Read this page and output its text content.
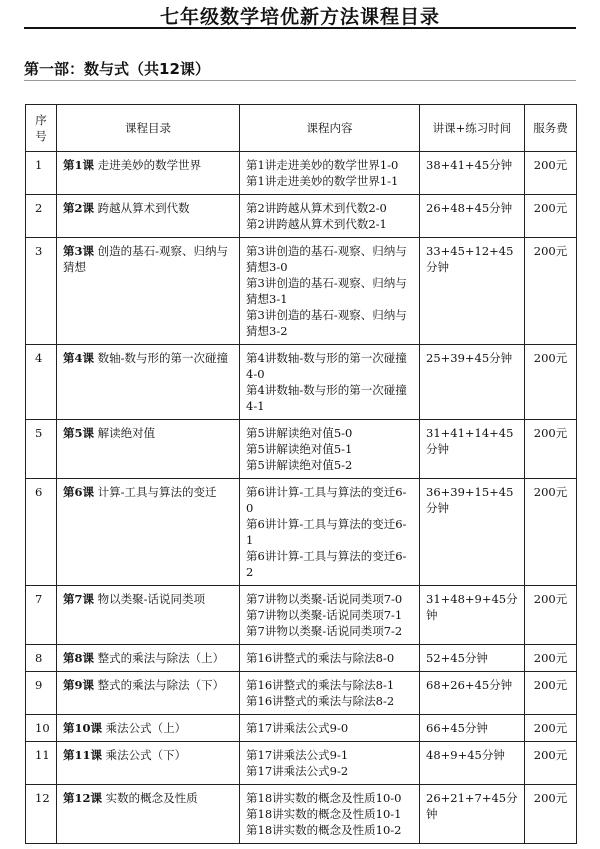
七年级数学培优新方法课程目录
第一部：数与式（共12课）
序号	课程目录	课程内容	讲课+练习时间	服务费
1	第1课 走进美妙的数学世界	第1讲走进美妙的数学世界1-0
第1讲走进美妙的数学世界1-1	38+41+45分钟	200元
2	第2课 跨越从算术到代数	第2讲跨越从算术到代数2-0
第2讲跨越从算术到代数2-1	26+48+45分钟	200元
3	第3课 创造的基石-观察、归纳与猜想	第3讲创造的基石-观察、归纳与猜想3-0
第3讲创造的基石-观察、归纳与猜想3-1
第3讲创造的基石-观察、归纳与猜想3-2	33+45+12+45分钟	200元
4	第4课 数轴-数与形的第一次碰撞	第4讲数轴-数与形的第一次碰撞4-0
第4讲数轴-数与形的第一次碰撞4-1	25+39+45分钟	200元
5	第5课 解读绝对值	第5讲解读绝对值5-0
第5讲解读绝对值5-1
第5讲解读绝对值5-2	31+41+14+45分钟	200元
6	第6课 计算-工具与算法的变迁	第6讲计算-工具与算法的变迁6-0
第6讲计算-工具与算法的变迁6-1
第6讲计算-工具与算法的变迁6-2	36+39+15+45分钟	200元
7	第7课 物以类聚-话说同类项	第7讲物以类聚-话说同类项7-0
第7讲物以类聚-话说同类项7-1
第7讲物以类聚-话说同类项7-2	31+48+9+45分钟	200元
8	第8课 整式的乘法与除法（上）	第16讲整式的乘法与除法8-0	52+45分钟	200元
9	第9课 整式的乘法与除法（下）	第16讲整式的乘法与除法8-1
第16讲整式的乘法与除法8-2	68+26+45分钟	200元
10	第10课 乘法公式（上）	第17讲乘法公式9-0	66+45分钟	200元
11	第11课 乘法公式（下）	第17讲乘法公式9-1
第17讲乘法公式9-2	48+9+45分钟	200元
12	第12课 实数的概念及性质	第18讲实数的概念及性质10-0
第18讲实数的概念及性质10-1
第18讲实数的概念及性质10-2	26+21+7+45分钟	200元
